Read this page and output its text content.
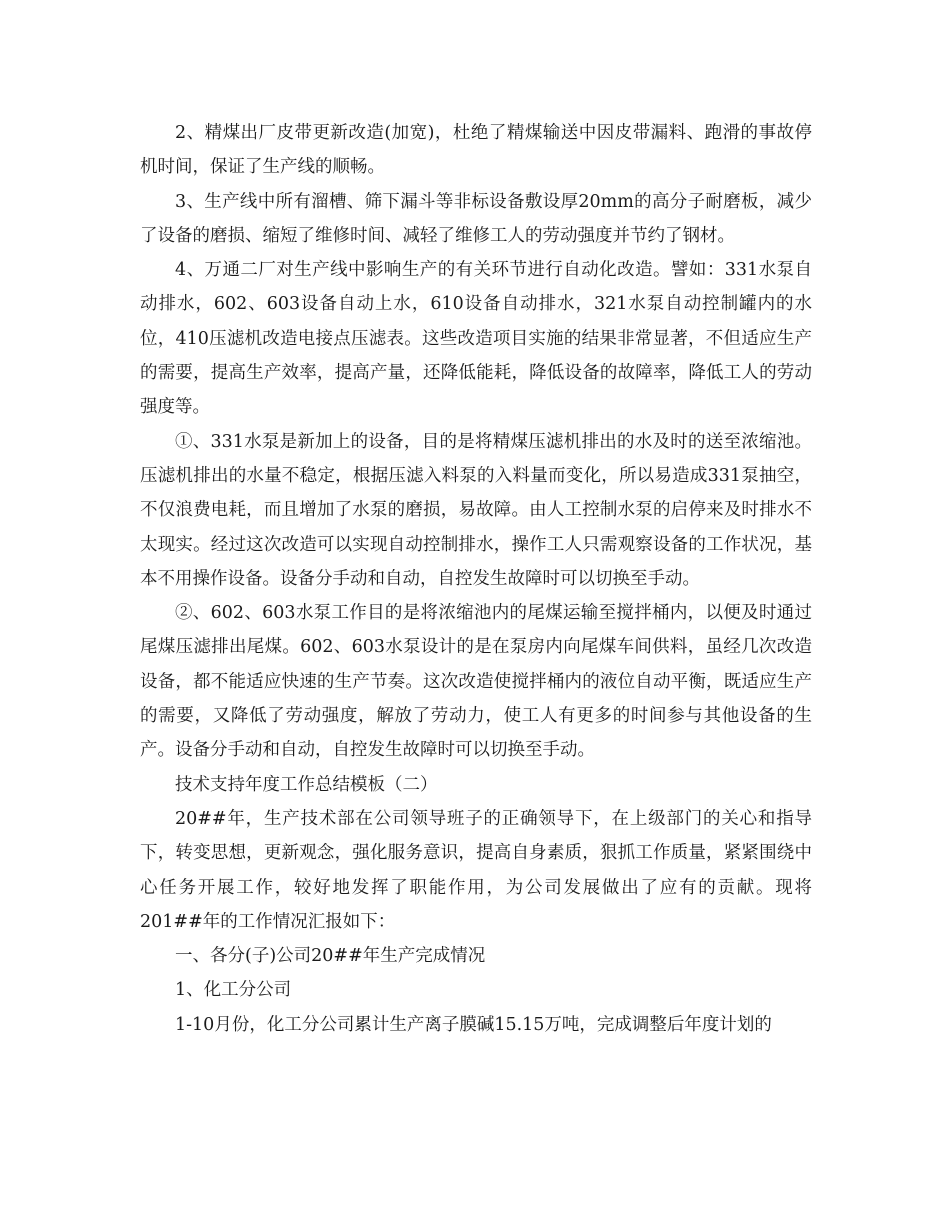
2、精煤出厂皮带更新改造(加宽)，杜绝了精煤输送中因皮带漏料、跑滑的事故停机时间，保证了生产线的顺畅。

3、生产线中所有溜槽、筛下漏斗等非标设备敷设厚20mm的高分子耐磨板，减少了设备的磨损、缩短了维修时间、减轻了维修工人的劳动强度并节约了钢材。

4、万通二厂对生产线中影响生产的有关环节进行自动化改造。譬如：331水泵自动排水，602、603设备自动上水，610设备自动排水，321水泵自动控制罐内的水位，410压滤机改造电接点压滤表。这些改造项目实施的结果非常显著，不但适应生产的需要，提高生产效率，提高产量，还降低能耗，降低设备的故障率，降低工人的劳动强度等。

①、331水泵是新加上的设备，目的是将精煤压滤机排出的水及时的送至浓缩池。压滤机排出的水量不稳定，根据压滤入料泵的入料量而变化，所以易造成331泵抽空，不仅浪费电耗，而且增加了水泵的磨损，易故障。由人工控制水泵的启停来及时排水不太现实。经过这次改造可以实现自动控制排水，操作工人只需观察设备的工作状况，基本不用操作设备。设备分手动和自动，自控发生故障时可以切换至手动。

②、602、603水泵工作目的是将浓缩池内的尾煤运输至搅拌桶内，以便及时通过尾煤压滤排出尾煤。602、603水泵设计的是在泵房内向尾煤车间供料，虽经几次改造设备，都不能适应快速的生产节奏。这次改造使搅拌桶内的液位自动平衡，既适应生产的需要，又降低了劳动强度，解放了劳动力，使工人有更多的时间参与其他设备的生产。设备分手动和自动，自控发生故障时可以切换至手动。

技术支持年度工作总结模板（二）

20##年，生产技术部在公司领导班子的正确领导下，在上级部门的关心和指导下，转变思想，更新观念，强化服务意识，提高自身素质，狠抓工作质量，紧紧围绕中心任务开展工作，较好地发挥了职能作用，为公司发展做出了应有的贡献。现将201##年的工作情况汇报如下：

一、各分(子)公司20##年生产完成情况

1、化工分公司

1-10月份，化工分公司累计生产离子膜碱15.15万吨，完成调整后年度计划的
